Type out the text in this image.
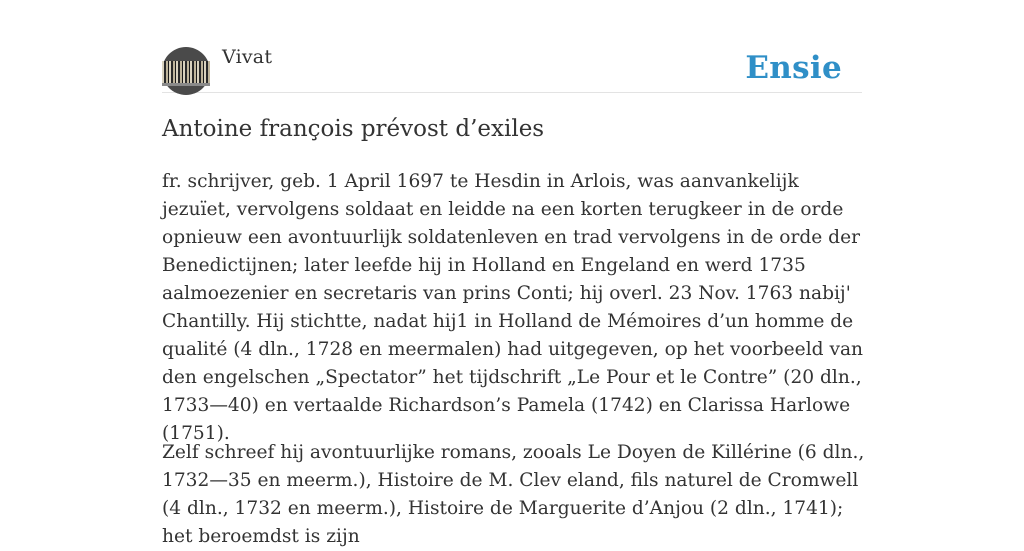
Vivat	Ensie
Antoine françois prévost d’exiles

fr. schrijver, geb. 1 April 1697 te Hesdin in Arlois, was aanvankelijk jezuïet, vervolgens soldaat en leidde na een korten terugkeer in de orde opnieuw een avontuurlijk soldatenleven en trad vervolgens in de orde der Benedictijnen; later leefde hij in Holland en Engeland en werd 1735 aalmoezenier en secretaris van prins Conti; hij overl. 23 Nov. 1763 nabij' Chantilly. Hij stichtte, nadat hij1 in Holland de Mémoires d’un homme de qualité (4 dln., 1728 en meermalen) had uitgegeven, op het voorbeeld van den engelschen „Spectator” het tijdschrift „Le Pour et le Contre” (20 dln., 1733—40) en vertaalde Richardson’s Pamela (1742) en Clarissa Harlowe (1751).

Zelf schreef hij avontuurlijke romans, zooals Le Doyen de Killérine (6 dln., 1732—35 en meerm.), Histoire de M. Clev eland, fils naturel de Cromwell (4 dln., 1732 en meerm.), Histoire de Marguerite d’Anjou (2 dln., 1741); het beroemdst is zijn
